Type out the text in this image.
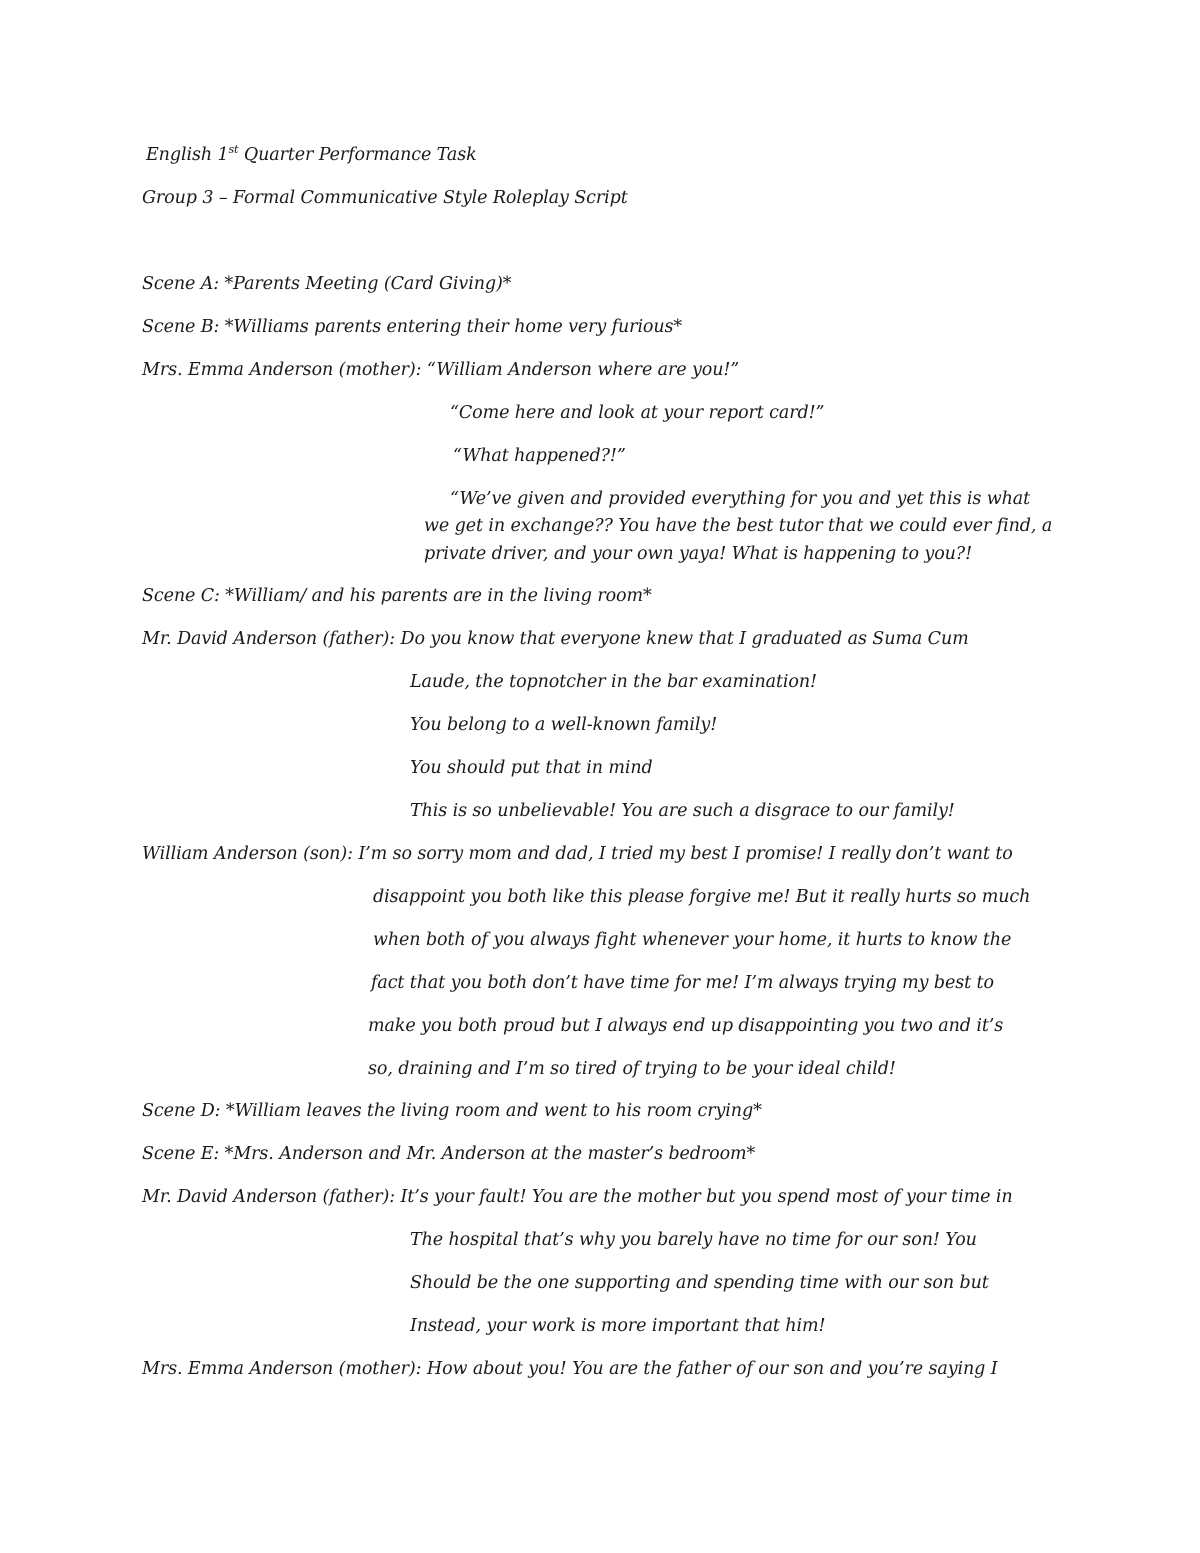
English 1st Quarter Performance Task
Group 3 – Formal Communicative Style Roleplay Script
Scene A: *Parents Meeting (Card Giving)*
Scene B: *Williams parents entering their home very furious*
Mrs. Emma Anderson (mother): “William Anderson where are you!”
“Come here and look at your report card!”
“What happened?!”
“We’ve given and provided everything for you and yet this is what
we get in exchange?? You have the best tutor that we could ever find, a
private driver, and your own yaya! What is happening to you?!
Scene C: *William/ and his parents are in the living room*
Mr. David Anderson (father): Do you know that everyone knew that I graduated as Suma Cum
Laude, the topnotcher in the bar examination!
You belong to a well-known family!
You should put that in mind
This is so unbelievable! You are such a disgrace to our family!
William Anderson (son): I’m so sorry mom and dad, I tried my best I promise! I really don’t want to
disappoint you both like this please forgive me! But it really hurts so much
when both of you always fight whenever your home, it hurts to know the
fact that you both don’t have time for me! I’m always trying my best to
make you both proud but I always end up disappointing you two and it’s
so, draining and I’m so tired of trying to be your ideal child!
Scene D: *William leaves the living room and went to his room crying*
Scene E: *Mrs. Anderson and Mr. Anderson at the master’s bedroom*
Mr. David Anderson (father): It’s your fault! You are the mother but you spend most of your time in
The hospital that’s why you barely have no time for our son! You
Should be the one supporting and spending time with our son but
Instead, your work is more important that him!
Mrs. Emma Anderson (mother): How about you! You are the father of our son and you’re saying I
